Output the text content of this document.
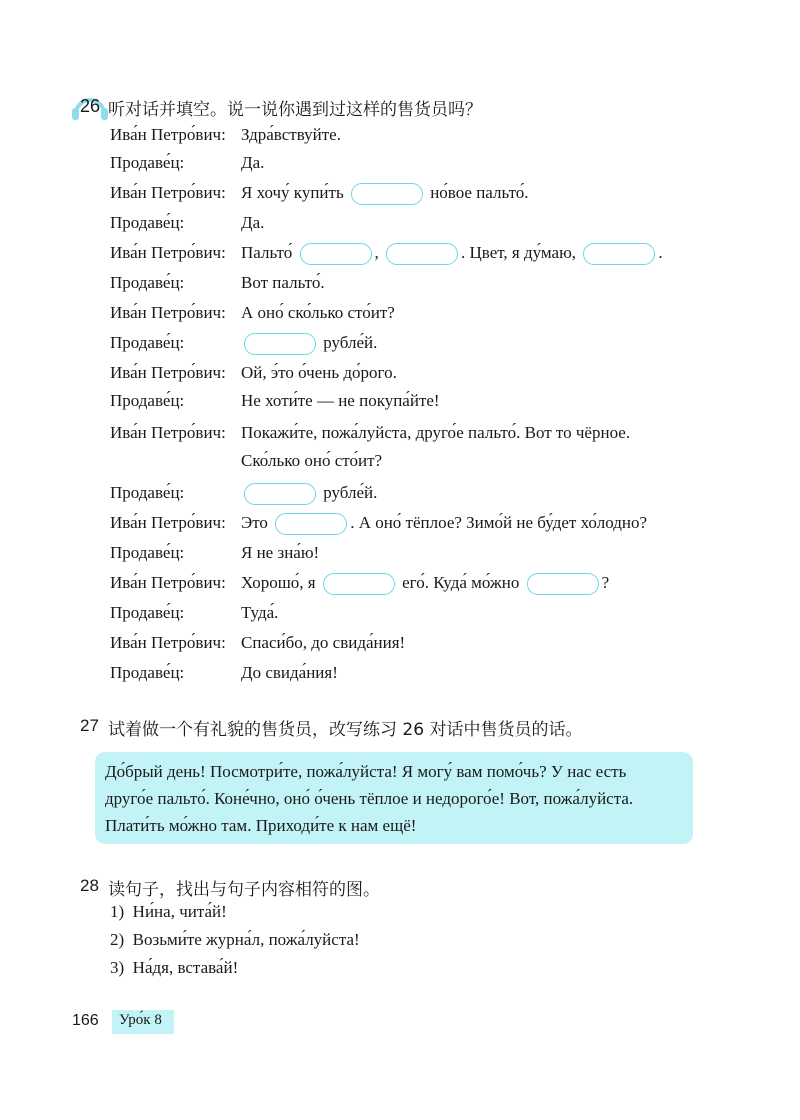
26 听对话并填空。说一说你遇到过这样的售货员吗？
Ива́н Петро́вич: Здра́вствуйте.
Продаве́ц:	Да.
Ива́н Петро́вич: Я хочу́ купи́ть	но́вое пальто́.
Продаве́ц:	Да.
Ива́н Петро́вич: Пальто́	,	. Цвет, я ду́маю,	.
Продаве́ц:	Вот пальто́.
Ива́н Петро́вич: А оно́ ско́лько сто́ит?
Продаве́ц:	рубле́й.
Ива́н Петро́вич: Ой, э́то о́чень до́рого.
Продаве́ц:	Не хоти́те — не покупа́йте!
Ива́н Петро́вич: Покажи́те, пожа́луйста, друго́е пальто́. Вот то чёрное.
Ско́лько оно́ сто́ит?
Продаве́ц:	рубле́й.
Ива́н Петро́вич: Это	. А оно́ тёплое? Зимо́й не бу́дет хо́лодно?
Продаве́ц:	Я не зна́ю!
Ива́н Петро́вич: Хорошо́, я	его́. Куда́ мо́жно	?
Продаве́ц:	Туда́.
Ива́н Петро́вич: Спаси́бо, до свида́ния!
Продаве́ц:	До свида́ния!
27 试着做一个有礼貌的售货员，改写练习 26 对话中售货员的话。
До́брый день! Посмотри́те, пожа́луйста! Я могу́ вам помо́чь? У нас есть
друго́е пальто́. Коне́чно, оно́ о́чень тёплое и недорого́е! Вот, пожа́луйста.
Плати́ть мо́жно там. Приходи́те к нам ещё!
28 读句子，找出与句子内容相符的图。
1) Ни́на, чита́й!
2) Возьми́те журна́л, пожа́луйста!
3) На́дя, встава́й!
166 Уро́к 8
